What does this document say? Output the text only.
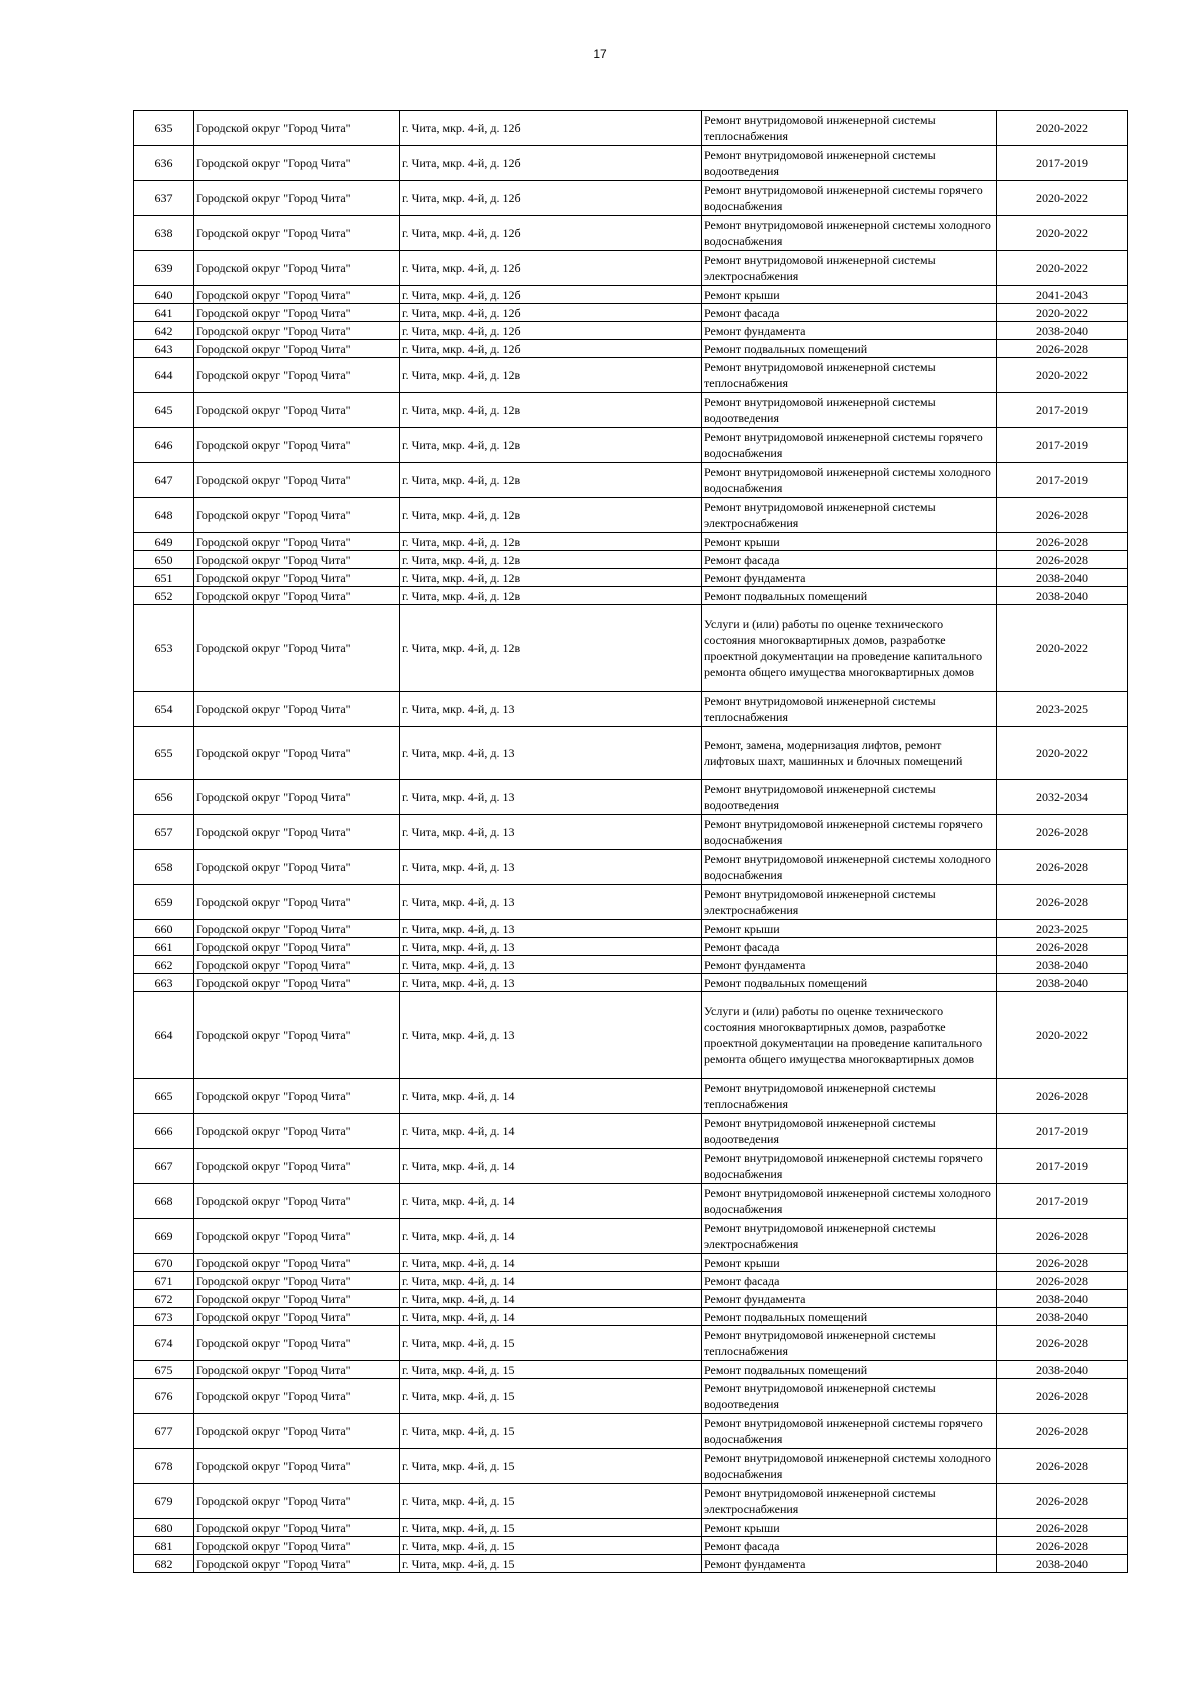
17
635	Городской округ "Город Чита"	г. Чита, мкр. 4-й, д. 12б	Ремонт внутридомовой инженерной системы теплоснабжения	2020-2022
636	Городской округ "Город Чита"	г. Чита, мкр. 4-й, д. 12б	Ремонт внутридомовой инженерной системы водоотведения	2017-2019
637	Городской округ "Город Чита"	г. Чита, мкр. 4-й, д. 12б	Ремонт внутридомовой инженерной системы горячего водоснабжения	2020-2022
638	Городской округ "Город Чита"	г. Чита, мкр. 4-й, д. 12б	Ремонт внутридомовой инженерной системы холодного водоснабжения	2020-2022
639	Городской округ "Город Чита"	г. Чита, мкр. 4-й, д. 12б	Ремонт внутридомовой инженерной системы электроснабжения	2020-2022
640	Городской округ "Город Чита"	г. Чита, мкр. 4-й, д. 12б	Ремонт крыши	2041-2043
641	Городской округ "Город Чита"	г. Чита, мкр. 4-й, д. 12б	Ремонт фасада	2020-2022
642	Городской округ "Город Чита"	г. Чита, мкр. 4-й, д. 12б	Ремонт фундамента	2038-2040
643	Городской округ "Город Чита"	г. Чита, мкр. 4-й, д. 12б	Ремонт подвальных помещений	2026-2028
644	Городской округ "Город Чита"	г. Чита, мкр. 4-й, д. 12в	Ремонт внутридомовой инженерной системы теплоснабжения	2020-2022
645	Городской округ "Город Чита"	г. Чита, мкр. 4-й, д. 12в	Ремонт внутридомовой инженерной системы водоотведения	2017-2019
646	Городской округ "Город Чита"	г. Чита, мкр. 4-й, д. 12в	Ремонт внутридомовой инженерной системы горячего водоснабжения	2017-2019
647	Городской округ "Город Чита"	г. Чита, мкр. 4-й, д. 12в	Ремонт внутридомовой инженерной системы холодного водоснабжения	2017-2019
648	Городской округ "Город Чита"	г. Чита, мкр. 4-й, д. 12в	Ремонт внутридомовой инженерной системы электроснабжения	2026-2028
649	Городской округ "Город Чита"	г. Чита, мкр. 4-й, д. 12в	Ремонт крыши	2026-2028
650	Городской округ "Город Чита"	г. Чита, мкр. 4-й, д. 12в	Ремонт фасада	2026-2028
651	Городской округ "Город Чита"	г. Чита, мкр. 4-й, д. 12в	Ремонт фундамента	2038-2040
652	Городской округ "Город Чита"	г. Чита, мкр. 4-й, д. 12в	Ремонт подвальных помещений	2038-2040
653	Городской округ "Город Чита"	г. Чита, мкр. 4-й, д. 12в	Услуги и (или) работы по оценке технического состояния многоквартирных домов, разработке проектной документации на проведение капитального ремонта общего имущества многоквартирных домов	2020-2022
654	Городской округ "Город Чита"	г. Чита, мкр. 4-й, д. 13	Ремонт внутридомовой инженерной системы теплоснабжения	2023-2025
655	Городской округ "Город Чита"	г. Чита, мкр. 4-й, д. 13	Ремонт, замена, модернизация лифтов, ремонт лифтовых шахт, машинных и блочных помещений	2020-2022
656	Городской округ "Город Чита"	г. Чита, мкр. 4-й, д. 13	Ремонт внутридомовой инженерной системы водоотведения	2032-2034
657	Городской округ "Город Чита"	г. Чита, мкр. 4-й, д. 13	Ремонт внутридомовой инженерной системы горячего водоснабжения	2026-2028
658	Городской округ "Город Чита"	г. Чита, мкр. 4-й, д. 13	Ремонт внутридомовой инженерной системы холодного водоснабжения	2026-2028
659	Городской округ "Город Чита"	г. Чита, мкр. 4-й, д. 13	Ремонт внутридомовой инженерной системы электроснабжения	2026-2028
660	Городской округ "Город Чита"	г. Чита, мкр. 4-й, д. 13	Ремонт крыши	2023-2025
661	Городской округ "Город Чита"	г. Чита, мкр. 4-й, д. 13	Ремонт фасада	2026-2028
662	Городской округ "Город Чита"	г. Чита, мкр. 4-й, д. 13	Ремонт фундамента	2038-2040
663	Городской округ "Город Чита"	г. Чита, мкр. 4-й, д. 13	Ремонт подвальных помещений	2038-2040
664	Городской округ "Город Чита"	г. Чита, мкр. 4-й, д. 13	Услуги и (или) работы по оценке технического состояния многоквартирных домов, разработке проектной документации на проведение капитального ремонта общего имущества многоквартирных домов	2020-2022
665	Городской округ "Город Чита"	г. Чита, мкр. 4-й, д. 14	Ремонт внутридомовой инженерной системы теплоснабжения	2026-2028
666	Городской округ "Город Чита"	г. Чита, мкр. 4-й, д. 14	Ремонт внутридомовой инженерной системы водоотведения	2017-2019
667	Городской округ "Город Чита"	г. Чита, мкр. 4-й, д. 14	Ремонт внутридомовой инженерной системы горячего водоснабжения	2017-2019
668	Городской округ "Город Чита"	г. Чита, мкр. 4-й, д. 14	Ремонт внутридомовой инженерной системы холодного водоснабжения	2017-2019
669	Городской округ "Город Чита"	г. Чита, мкр. 4-й, д. 14	Ремонт внутридомовой инженерной системы электроснабжения	2026-2028
670	Городской округ "Город Чита"	г. Чита, мкр. 4-й, д. 14	Ремонт крыши	2026-2028
671	Городской округ "Город Чита"	г. Чита, мкр. 4-й, д. 14	Ремонт фасада	2026-2028
672	Городской округ "Город Чита"	г. Чита, мкр. 4-й, д. 14	Ремонт фундамента	2038-2040
673	Городской округ "Город Чита"	г. Чита, мкр. 4-й, д. 14	Ремонт подвальных помещений	2038-2040
674	Городской округ "Город Чита"	г. Чита, мкр. 4-й, д. 15	Ремонт внутридомовой инженерной системы теплоснабжения	2026-2028
675	Городской округ "Город Чита"	г. Чита, мкр. 4-й, д. 15	Ремонт подвальных помещений	2038-2040
676	Городской округ "Город Чита"	г. Чита, мкр. 4-й, д. 15	Ремонт внутридомовой инженерной системы водоотведения	2026-2028
677	Городской округ "Город Чита"	г. Чита, мкр. 4-й, д. 15	Ремонт внутридомовой инженерной системы горячего водоснабжения	2026-2028
678	Городской округ "Город Чита"	г. Чита, мкр. 4-й, д. 15	Ремонт внутридомовой инженерной системы холодного водоснабжения	2026-2028
679	Городской округ "Город Чита"	г. Чита, мкр. 4-й, д. 15	Ремонт внутридомовой инженерной системы электроснабжения	2026-2028
680	Городской округ "Город Чита"	г. Чита, мкр. 4-й, д. 15	Ремонт крыши	2026-2028
681	Городской округ "Город Чита"	г. Чита, мкр. 4-й, д. 15	Ремонт фасада	2026-2028
682	Городской округ "Город Чита"	г. Чита, мкр. 4-й, д. 15	Ремонт фундамента	2038-2040
